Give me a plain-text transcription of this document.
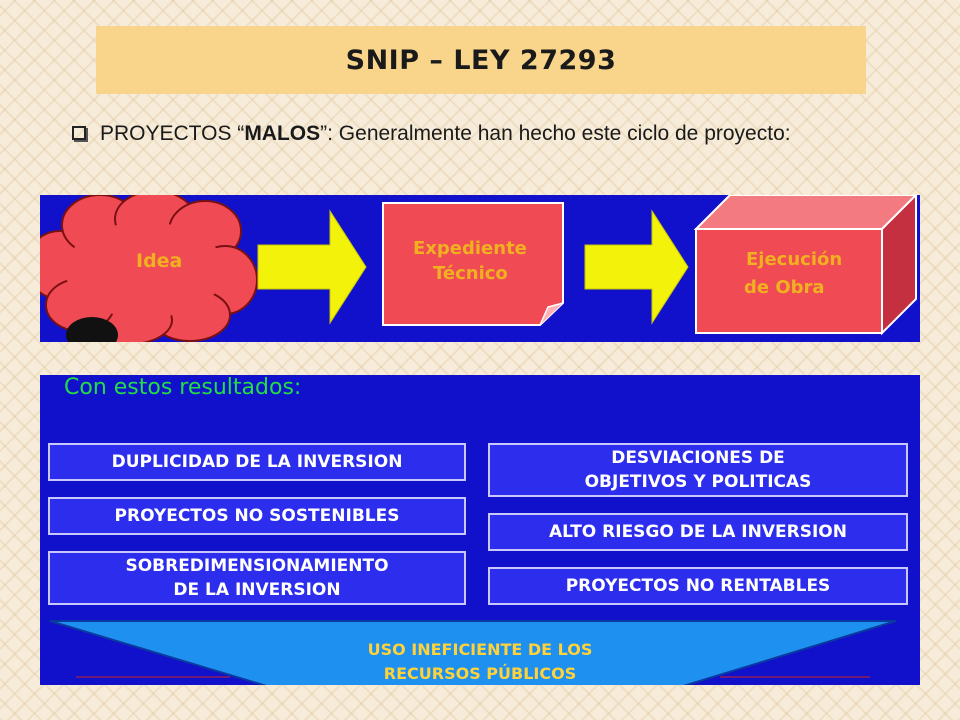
SNIP – LEY 27293
PROYECTOS “MALOS”: Generalmente han hecho este ciclo de proyecto:
Idea
Expediente
Técnico
Ejecución
de Obra
Con estos resultados:
DUPLICIDAD DE LA INVERSION
PROYECTOS NO SOSTENIBLES
SOBREDIMENSIONAMIENTO
DE LA INVERSION
DESVIACIONES DE
OBJETIVOS Y POLITICAS
ALTO RIESGO DE LA INVERSION
PROYECTOS NO RENTABLES
USO INEFICIENTE DE LOS
RECURSOS PÚBLICOS
